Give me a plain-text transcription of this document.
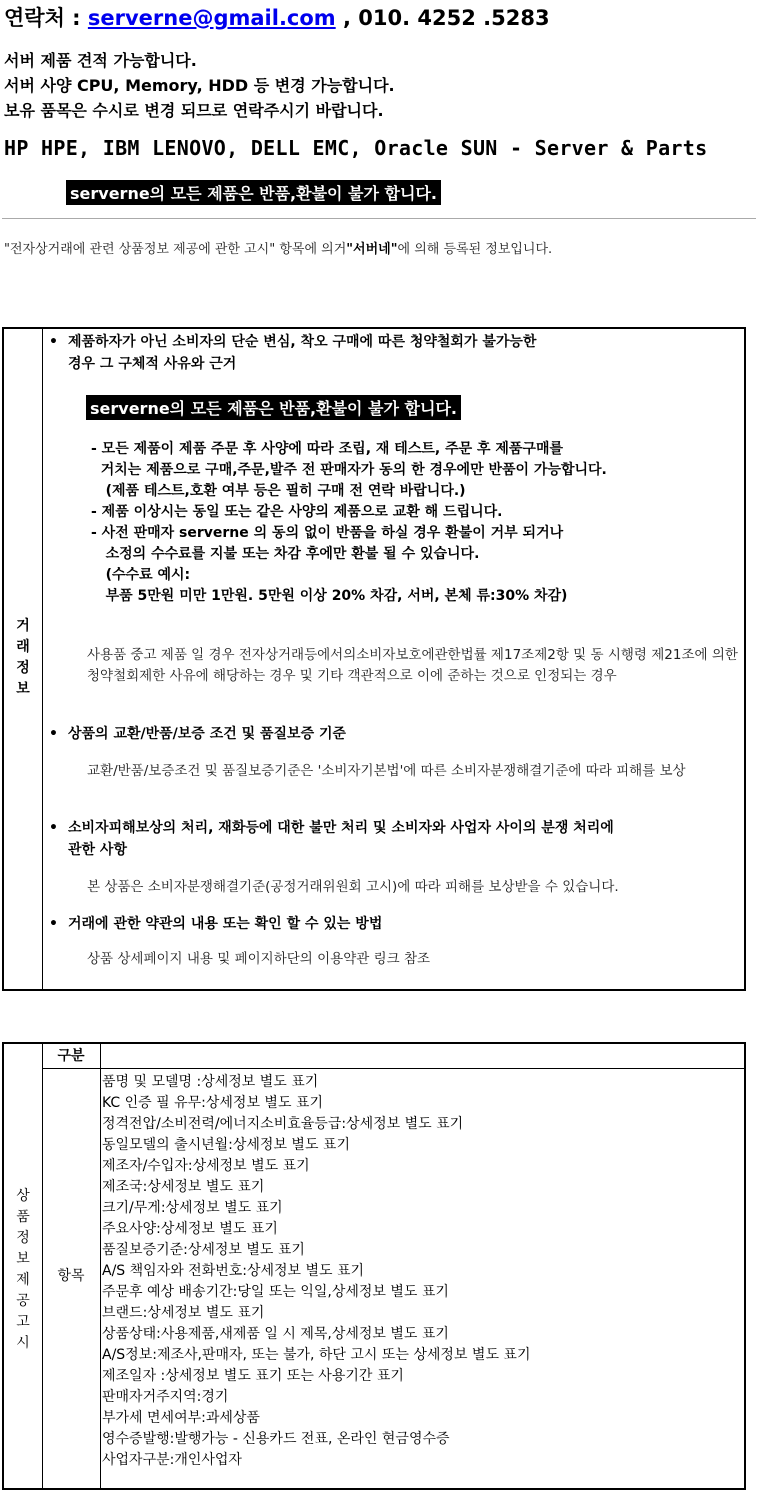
연락처 : serverne@gmail.com , 010. 4252 .5283
서버 제품 견적 가능합니다.
서버 사양 CPU, Memory, HDD 등 변경 가능합니다.
보유 품목은 수시로 변경 되므로 연락주시기 바랍니다.
HP HPE, IBM LENOVO, DELL EMC, Oracle SUN - Server & Parts
serverne의 모든 제품은 반품,환불이 불가 합니다.
"전자상거래에 관련 상품정보 제공에 관한 고시" 항목에 의거"서버네"에 의해 등록된 정보입니다.
거
래
정
보
• 제품하자가 아닌 소비자의 단순 변심, 착오 구매에 따른 청약철회가 불가능한
경우 그 구체적 사유와 근거
serverne의 모든 제품은 반품,환불이 불가 합니다.
- 모든 제품이 제품 주문 후 사양에 따라 조립, 재 테스트, 주문 후 제품구매를
거치는 제품으로 구매,주문,발주 전 판매자가 동의 한 경우에만 반품이 가능합니다.
(제품 테스트,호환 여부 등은 필히 구매 전 연락 바랍니다.)
- 제품 이상시는 동일 또는 같은 사양의 제품으로 교환 해 드립니다.
- 사전 판매자 serverne 의 동의 없이 반품을 하실 경우 환불이 거부 되거나
소정의 수수료를 지불 또는 차감 후에만 환불 될 수 있습니다.
(수수료 예시:
부품 5만원 미만 1만원. 5만원 이상 20% 차감, 서버, 본체 류:30% 차감)
사용품 중고 제품 일 경우 전자상거래등에서의소비자보호에관한법률 제17조제2항 및 동 시행령 제21조에 의한 청약철회제한 사유에 해당하는 경우 및 기타 객관적으로 이에 준하는 것으로 인정되는 경우
• 상품의 교환/반품/보증 조건 및 품질보증 기준
교환/반품/보증조건 및 품질보증기준은 '소비자기본법'에 따른 소비자분쟁해결기준에 따라 피해를 보상
• 소비자피해보상의 처리, 재화등에 대한 불만 처리 및 소비자와 사업자 사이의 분쟁 처리에
관한 사항
본 상품은 소비자분쟁해결기준(공정거래위원회 고시)에 따라 피해를 보상받을 수 있습니다.
• 거래에 관한 약관의 내용 또는 확인 할 수 있는 방법
상품 상세페이지 내용 및 페이지하단의 이용약관 링크 참조
상
품
정
보
제
공
고
시
구분
항목
품명 및 모델명 :상세정보 별도 표기
KC 인증 필 유무:상세정보 별도 표기
정격전압/소비전력/에너지소비효율등급:상세정보 별도 표기
동일모델의 출시년월:상세정보 별도 표기
제조자/수입자:상세정보 별도 표기
제조국:상세정보 별도 표기
크기/무게:상세정보 별도 표기
주요사양:상세정보 별도 표기
품질보증기준:상세정보 별도 표기
A/S 책임자와 전화번호:상세정보 별도 표기
주문후 예상 배송기간:당일 또는 익일,상세정보 별도 표기
브랜드:상세정보 별도 표기
상품상태:사용제품,새제품 일 시 제목,상세정보 별도 표기
A/S정보:제조사,판매자, 또는 불가, 하단 고시 또는 상세정보 별도 표기
제조일자 :상세정보 별도 표기 또는 사용기간 표기
판매자거주지역:경기
부가세 면세여부:과세상품
영수증발행:발행가능 - 신용카드 전표, 온라인 현금영수증
사업자구분:개인사업자
